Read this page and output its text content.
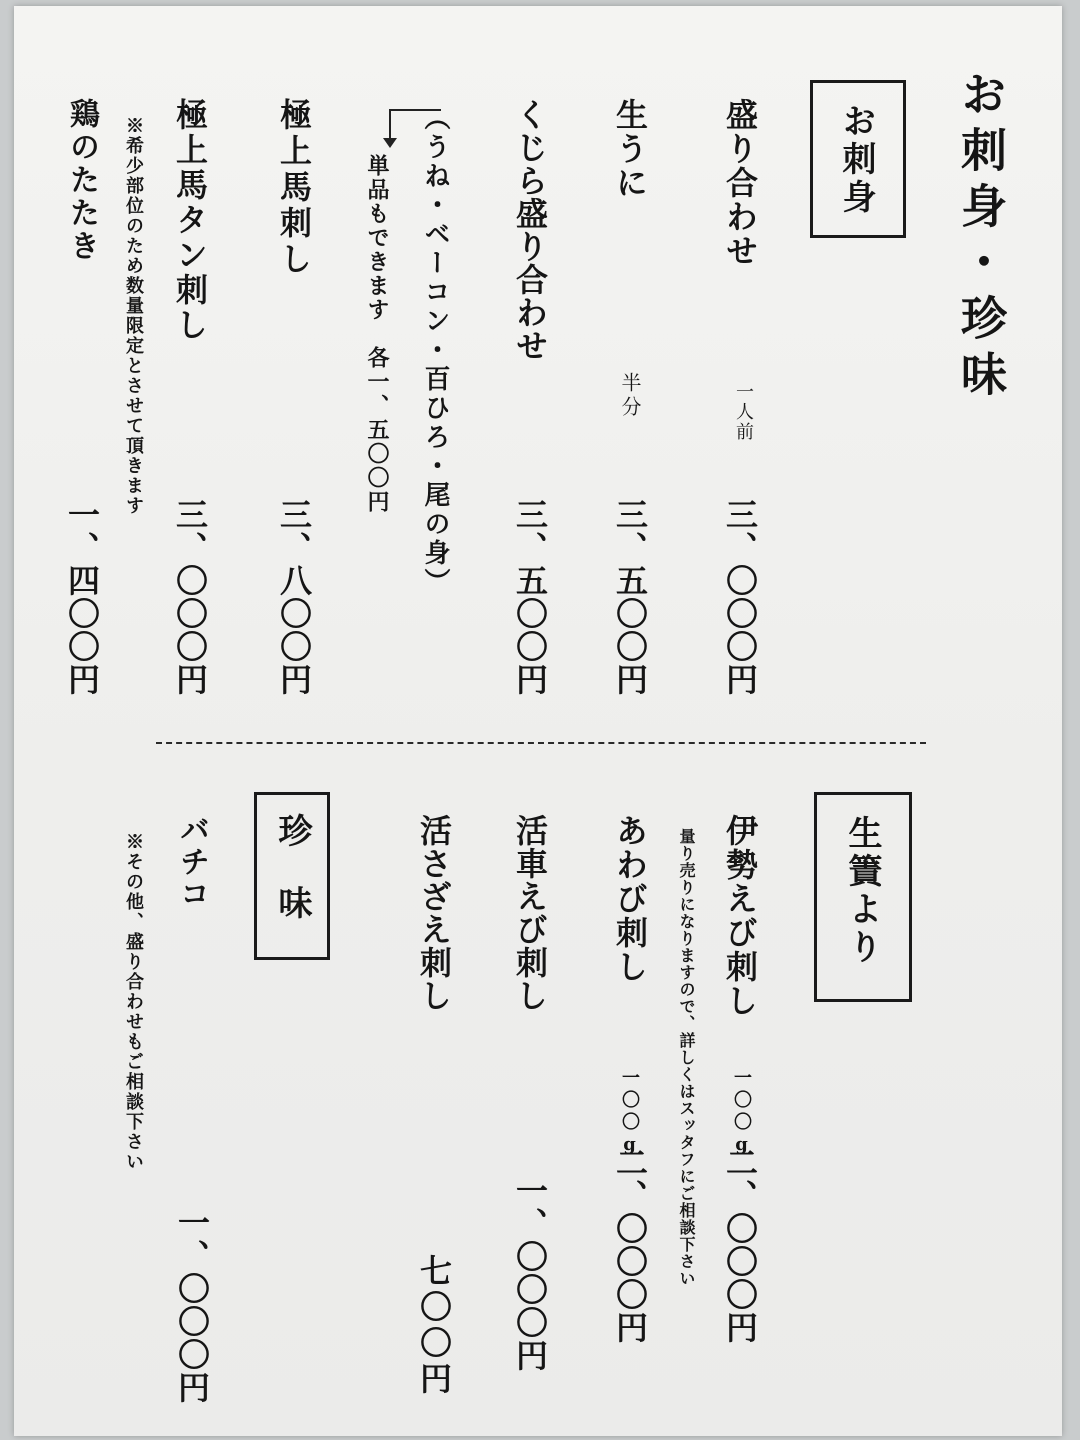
お刺身・珍味
お刺身
盛り合わせ
一人前
三、〇〇〇円
生うに
半分
三、五〇〇円
くじら盛り合わせ
三、五〇〇円
（うね・ベーコン・百ひろ・尾の身）
単品もできます　各一、五〇〇円
極上馬刺し
三、八〇〇円
極上馬タン刺し
三、〇〇〇円
※希少部位のため数量限定とさせて頂きます
鶏のたたき
一、四〇〇円
生簀より
伊勢えび刺し
一〇〇g
二、〇〇〇円
量り売りになりますので、詳しくはスッタフにご相談下さい
あわび刺し
一〇〇g
二、〇〇〇円
活車えび刺し
一、〇〇〇円
活さざえ刺し
七〇〇円
珍　味
バチコ
一、〇〇〇円
※その他、盛り合わせもご相談下さい
